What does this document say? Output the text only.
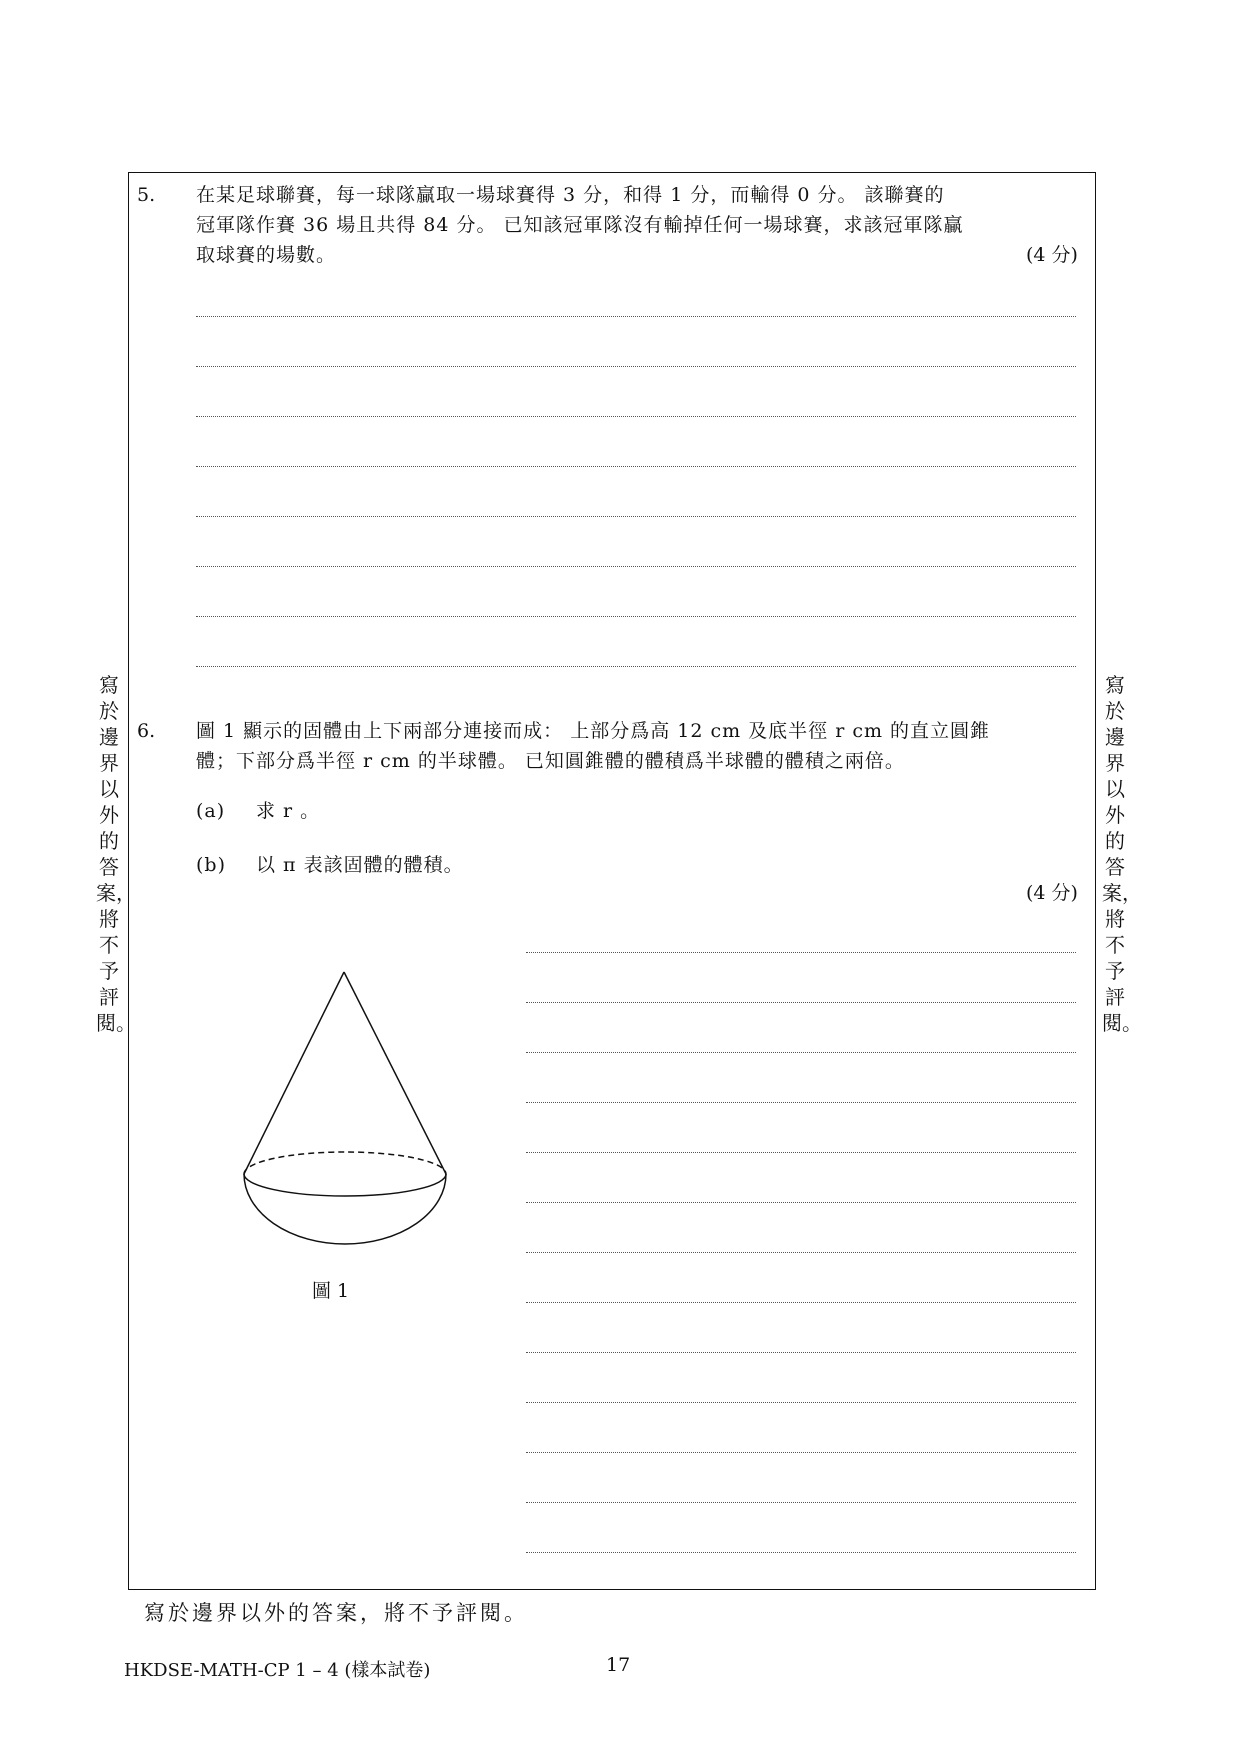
5. 在某足球聯賽，每一球隊贏取一場球賽得 3 分，和得 1 分，而輸得 0 分。 該聯賽的
冠軍隊作賽 36 場且共得 84 分。 已知該冠軍隊沒有輸掉任何一場球賽，求該冠軍隊贏
取球賽的場數。	(4 分)
6. 圖 1 顯示的固體由上下兩部分連接而成： 上部分爲高 12 cm 及底半徑 r cm 的直立圓錐
體；下部分爲半徑 r cm 的半球體。 已知圓錐體的體積爲半球體的體積之兩倍。
(a) 求 r 。
(b) 以 π 表該固體的體積。
(4 分)
圖 1
寫於邊界以外的答案，將不予評閱。
寫於邊界以外的答案，將不予評閱。
寫於邊界以外的答案，將不予評閱。
HKDSE-MATH-CP 1 – 4 (樣本試卷)	17
